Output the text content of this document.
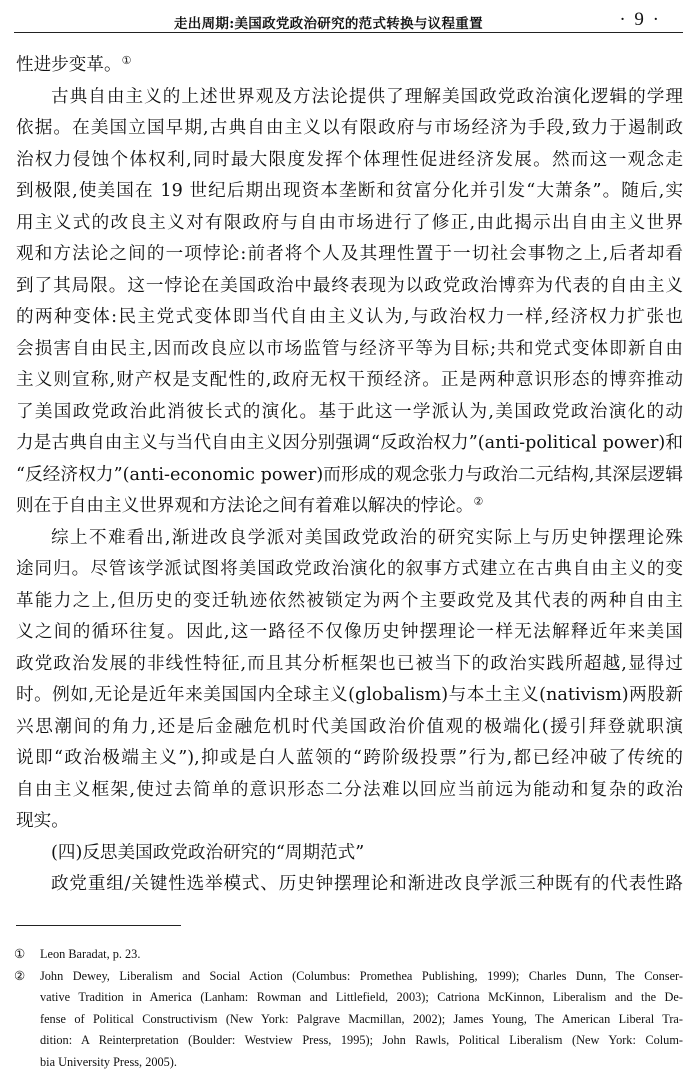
走出周期:美国政党政治研究的范式转换与议程重置	· 9 ·
性进步变革。①
古典自由主义的上述世界观及方法论提供了理解美国政党政治演化逻辑的学理
依据。在美国立国早期,古典自由主义以有限政府与市场经济为手段,致力于遏制政
治权力侵蚀个体权利,同时最大限度发挥个体理性促进经济发展。然而这一观念走
到极限,使美国在 19 世纪后期出现资本垄断和贫富分化并引发“大萧条”。随后,实
用主义式的改良主义对有限政府与自由市场进行了修正,由此揭示出自由主义世界
观和方法论之间的一项悖论:前者将个人及其理性置于一切社会事物之上,后者却看
到了其局限。这一悖论在美国政治中最终表现为以政党政治博弈为代表的自由主义
的两种变体:民主党式变体即当代自由主义认为,与政治权力一样,经济权力扩张也
会损害自由民主,因而改良应以市场监管与经济平等为目标;共和党式变体即新自由
主义则宣称,财产权是支配性的,政府无权干预经济。正是两种意识形态的博弈推动
了美国政党政治此消彼长式的演化。基于此这一学派认为,美国政党政治演化的动
力是古典自由主义与当代自由主义因分别强调“反政治权力”(anti-political power)和
“反经济权力”(anti-economic power)而形成的观念张力与政治二元结构,其深层逻辑
则在于自由主义世界观和方法论之间有着难以解决的悖论。②
综上不难看出,渐进改良学派对美国政党政治的研究实际上与历史钟摆理论殊
途同归。尽管该学派试图将美国政党政治演化的叙事方式建立在古典自由主义的变
革能力之上,但历史的变迁轨迹依然被锁定为两个主要政党及其代表的两种自由主
义之间的循环往复。因此,这一路径不仅像历史钟摆理论一样无法解释近年来美国
政党政治发展的非线性特征,而且其分析框架也已被当下的政治实践所超越,显得过
时。例如,无论是近年来美国国内全球主义(globalism)与本土主义(nativism)两股新
兴思潮间的角力,还是后金融危机时代美国政治价值观的极端化(援引拜登就职演
说即“政治极端主义”),抑或是白人蓝领的“跨阶级投票”行为,都已经冲破了传统的
自由主义框架,使过去简单的意识形态二分法难以回应当前远为能动和复杂的政治
现实。
(四)反思美国政党政治研究的“周期范式”
政党重组/关键性选举模式、历史钟摆理论和渐进改良学派三种既有的代表性路
① Leon Baradat, p. 23.
② John Dewey, Liberalism and Social Action (Columbus: Promethea Publishing, 1999); Charles Dunn, The Conser-
vative Tradition in America (Lanham: Rowman and Littlefield, 2003); Catriona McKinnon, Liberalism and the De-
fense of Political Constructivism (New York: Palgrave Macmillan, 2002); James Young, The American Liberal Tra-
dition: A Reinterpretation (Boulder: Westview Press, 1995); John Rawls, Political Liberalism (New York: Colum-
bia University Press, 2005).
